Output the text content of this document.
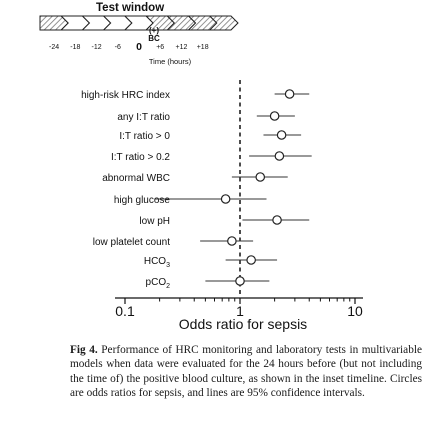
Test window
-24 -18 -12 -6 0 +6 +12 +18
(+)
BC
Time (hours)
0.1	1	10
high-risk HRC index
any I:T ratio
I:T ratio > 0
I:T ratio > 0.2
abnormal WBC
high glucose
low pH
low platelet count
$HCO_3$
pCO$_2$
Odds ratio for sepsis
Fig 4. Performance of HRC monitoring and laboratory tests in multivariable models when data were evaluated for the 24 hours before (but not including the time of) the positive blood culture, as shown in the inset timeline. Circles are odds ratios for sepsis, and lines are 95% confidence intervals.
